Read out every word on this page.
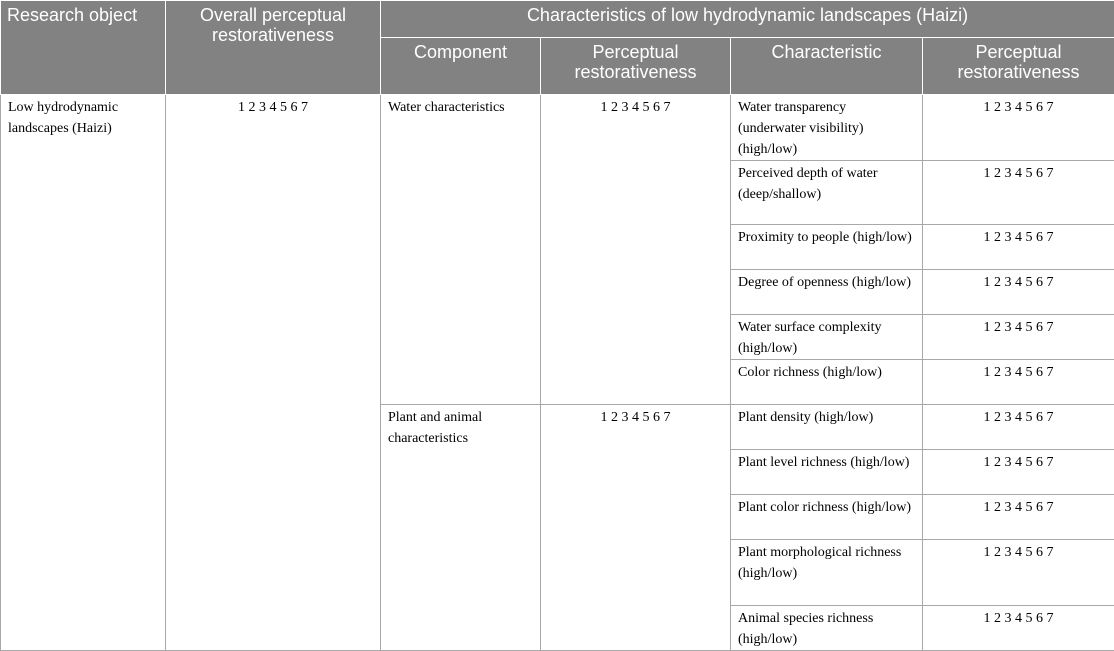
Research object	Overall perceptual restorativeness	Characteristics of low hydrodynamic landscapes (Haizi)			
		Component	Perceptual restorativeness	Characteristic	Perceptual restorativeness
Low hydrodynamic landscapes (Haizi)	1 2 3 4 5 6 7	Water characteristics	1 2 3 4 5 6 7	Water transparency (underwater visibility) (high/low)	1 2 3 4 5 6 7
				Perceived depth of water (deep/shallow)	1 2 3 4 5 6 7
				Proximity to people (high/low)	1 2 3 4 5 6 7
				Degree of openness (high/low)	1 2 3 4 5 6 7
				Water surface complexity (high/low)	1 2 3 4 5 6 7
				Color richness (high/low)	1 2 3 4 5 6 7
		Plant and animal characteristics	1 2 3 4 5 6 7	Plant density (high/low)	1 2 3 4 5 6 7
				Plant level richness (high/low)	1 2 3 4 5 6 7
				Plant color richness (high/low)	1 2 3 4 5 6 7
				Plant morphological richness (high/low)	1 2 3 4 5 6 7
				Animal species richness (high/low)	1 2 3 4 5 6 7
